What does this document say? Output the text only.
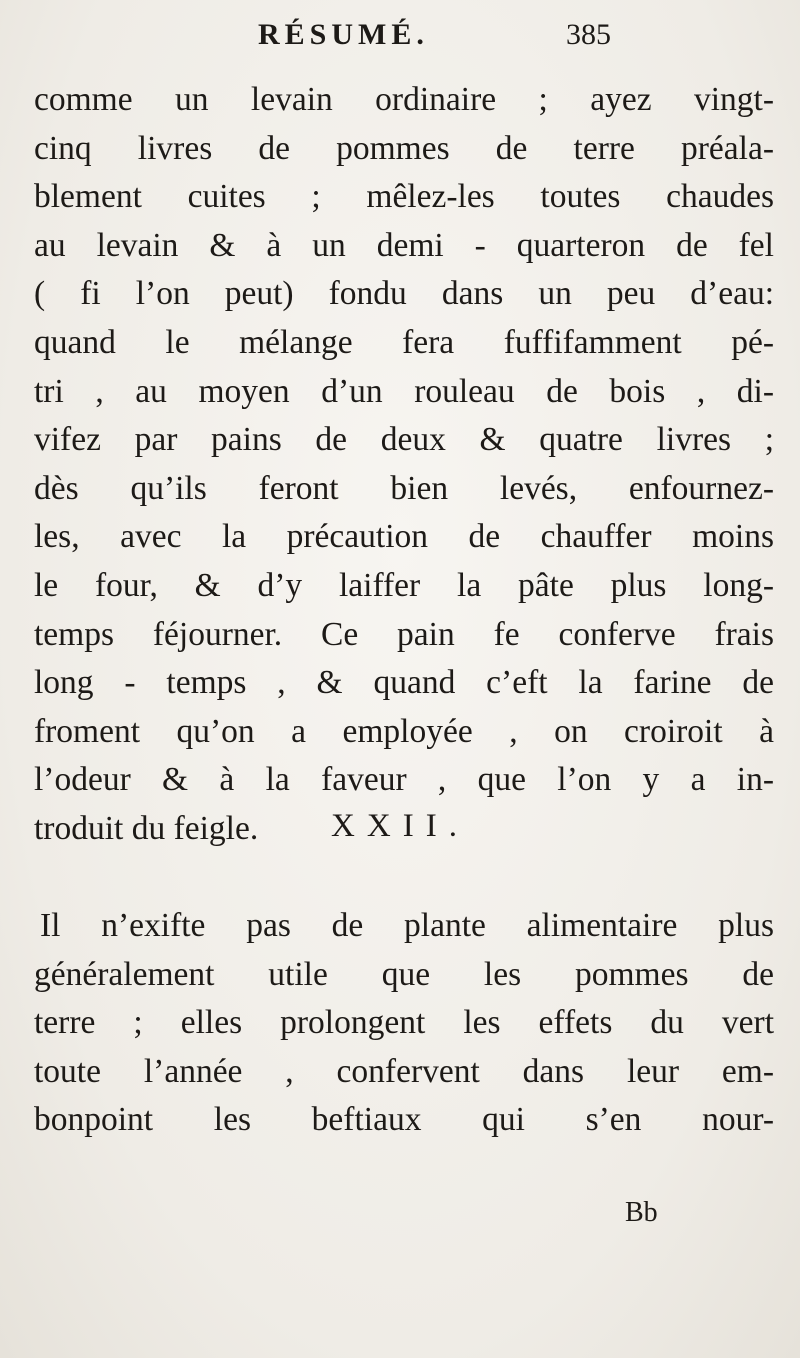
RÉSUMÉ.	385
comme un levain ordinaire ; ayez vingt-
cinq livres de pommes de terre préala-
blement cuites ; mêlez-les toutes chaudes
au levain & à un demi - quarteron de fel
( fi l’on peut) fondu dans un peu d’eau:
quand le mélange fera fuffifamment pé-
tri , au moyen d’un rouleau de bois , di-
vifez par pains de deux & quatre livres ;
dès qu’ils feront bien levés, enfournez-
les, avec la précaution de chauffer moins
le four, & d’y laiffer la pâte plus long-
temps féjourner. Ce pain fe conferve frais
long - temps , & quand c’eft la farine de
froment qu’on a employée , on croiroit à
l’odeur & à la faveur , que l’on y a in-
troduit du feigle.	XXII.
Il n’exifte pas de plante alimentaire plus
généralement utile que les pommes de
terre ; elles prolongent les effets du vert
toute l’année , confervent dans leur em-
bonpoint les beftiaux qui s’en nour-
Bb
